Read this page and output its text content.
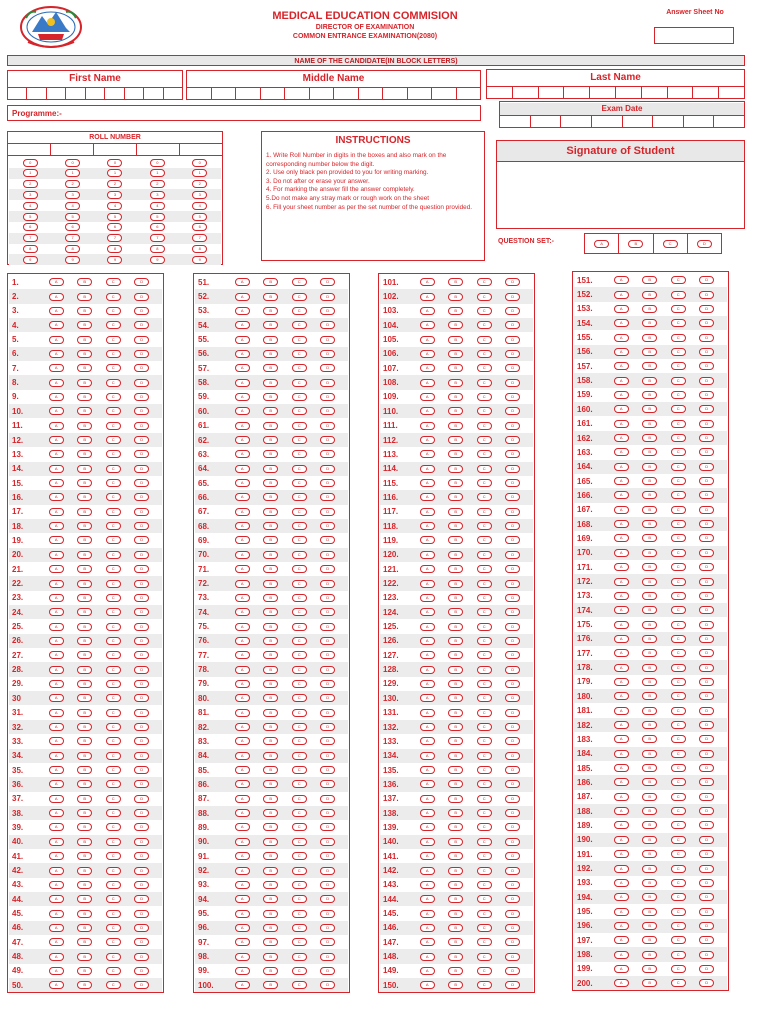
MEDICAL EDUCATION COMMISION
DIRECTOR OF EXAMINATION
COMMON ENTRANCE EXAMINATION(2080)
Answer Sheet No
NAME OF THE CANDIDATE(IN BLOCK LETTERS)
First Name	Middle Name	Last Name
Programme:-
Exam Date
ROLL NUMBER
0	0	0	0	0
1	1	1	1	1
2	2	2	2	2
3	3	3	3	3
4	4	4	4	4
5	5	5	5	5
6	6	6	6	6
7	7	7	7	7
8	8	8	8	8
9	9	9	9	9
INSTRUCTIONS
1. Write Roll Number in digits in the boxes and also mark on the corresponding number below the digit.
2. Use only black pen provided to you for writing marking.
3. Do not after or erase your answer.
4. For marking the answer fill the answer completely.
5.Do not make any stray mark or rough work on the sheet
6. Fill your sheet number as per the set number of the question provided.
Signature of Student
QUESTION SET:-	A	B	C	D
1.	A	B	C	D
2.	A	B	C	D
3.	A	B	C	D
4.	A	B	C	D
5.	A	B	C	D
6.	A	B	C	D
7.	A	B	C	D
8.	A	B	C	D
9.	A	B	C	D
10.	A	B	C	D
11.	A	B	C	D
12.	A	B	C	D
13.	A	B	C	D
14.	A	B	C	D
15.	A	B	C	D
16.	A	B	C	D
17.	A	B	C	D
18.	A	B	C	D
19.	A	B	C	D
20.	A	B	C	D
21.	A	B	C	D
22.	A	B	C	D
23.	A	B	C	D
24.	A	B	C	D
25.	A	B	C	D
26.	A	B	C	D
27.	A	B	C	D
28.	A	B	C	D
29.	A	B	C	D
30	A	B	C	D
31.	A	B	C	D
32.	A	B	C	D
33.	A	B	C	D
34.	A	B	C	D
35.	A	B	C	D
36.	A	B	C	D
37.	A	B	C	D
38.	A	B	C	D
39.	A	B	C	D
40.	A	B	C	D
41.	A	B	C	D
42.	A	B	C	D
43.	A	B	C	D
44.	A	B	C	D
45.	A	B	C	D
46.	A	B	C	D
47.	A	B	C	D
48.	A	B	C	D
49.	A	B	C	D
50.	A	B	C	D
51.	A	B	C	D
52.	A	B	C	D
53.	A	B	C	D
54.	A	B	C	D
55.	A	B	C	D
56.	A	B	C	D
57.	A	B	C	D
58.	A	B	C	D
59.	A	B	C	D
60.	A	B	C	D
61.	A	B	C	D
62.	A	B	C	D
63.	A	B	C	D
64.	A	B	C	D
65.	A	B	C	D
66.	A	B	C	D
67.	A	B	C	D
68.	A	B	C	D
69.	A	B	C	D
70.	A	B	C	D
71.	A	B	C	D
72.	A	B	C	D
73.	A	B	C	D
74.	A	B	C	D
75.	A	B	C	D
76.	A	B	C	D
77.	A	B	C	D
78.	A	B	C	D
79.	A	B	C	D
80.	A	B	C	D
81.	A	B	C	D
82.	A	B	C	D
83.	A	B	C	D
84.	A	B	C	D
85.	A	B	C	D
86.	A	B	C	D
87.	A	B	C	D
88.	A	B	C	D
89.	A	B	C	D
90.	A	B	C	D
91.	A	B	C	D
92.	A	B	C	D
93.	A	B	C	D
94.	A	B	C	D
95.	A	B	C	D
96.	A	B	C	D
97.	A	B	C	D
98.	A	B	C	D
99.	A	B	C	D
100.	A	B	C	D
101.	A	B	C	D
102.	A	B	C	D
103.	A	B	C	D
104.	A	B	C	D
105.	A	B	C	D
106.	A	B	C	D
107.	A	B	C	D
108.	A	B	C	D
109.	A	B	C	D
110.	A	B	C	D
111.	A	B	C	D
112.	A	B	C	D
113.	A	B	C	D
114.	A	B	C	D
115.	A	B	C	D
116.	A	B	C	D
117.	A	B	C	D
118.	A	B	C	D
119.	A	B	C	D
120.	A	B	C	D
121.	A	B	C	D
122.	A	B	C	D
123.	A	B	C	D
124.	A	B	C	D
125.	A	B	C	D
126.	A	B	C	D
127.	A	B	C	D
128.	A	B	C	D
129.	A	B	C	D
130.	A	B	C	D
131.	A	B	C	D
132.	A	B	C	D
133.	A	B	C	D
134.	A	B	C	D
135.	A	B	C	D
136.	A	B	C	D
137.	A	B	C	D
138.	A	B	C	D
139.	A	B	C	D
140.	A	B	C	D
141.	A	B	C	D
142.	A	B	C	D
143.	A	B	C	D
144.	A	B	C	D
145.	A	B	C	D
146.	A	B	C	D
147.	A	B	C	D
148.	A	B	C	D
149.	A	B	C	D
150.	A	B	C	D
151.	A	B	C	D
152.	A	B	C	D
153.	A	B	C	D
154.	A	B	C	D
155.	A	B	C	D
156.	A	B	C	D
157.	A	B	C	D
158.	A	B	C	D
159.	A	B	C	D
160.	A	B	C	D
161.	A	B	C	D
162.	A	B	C	D
163.	A	B	C	D
164.	A	B	C	D
165.	A	B	C	D
166.	A	B	C	D
167.	A	B	C	D
168.	A	B	C	D
169.	A	B	C	D
170.	A	B	C	D
171.	A	B	C	D
172.	A	B	C	D
173.	A	B	C	D
174.	A	B	C	D
175.	A	B	C	D
176.	A	B	C	D
177.	A	B	C	D
178.	A	B	C	D
179.	A	B	C	D
180.	A	B	C	D
181.	A	B	C	D
182.	A	B	C	D
183.	A	B	C	D
184.	A	B	C	D
185.	A	B	C	D
186.	A	B	C	D
187.	A	B	C	D
188.	A	B	C	D
189.	A	B	C	D
190.	A	B	C	D
191.	A	B	C	D
192.	A	B	C	D
193.	A	B	C	D
194.	A	B	C	D
195.	A	B	C	D
196.	A	B	C	D
197.	A	B	C	D
198.	A	B	C	D
199.	A	B	C	D
200.	A	B	C	D
